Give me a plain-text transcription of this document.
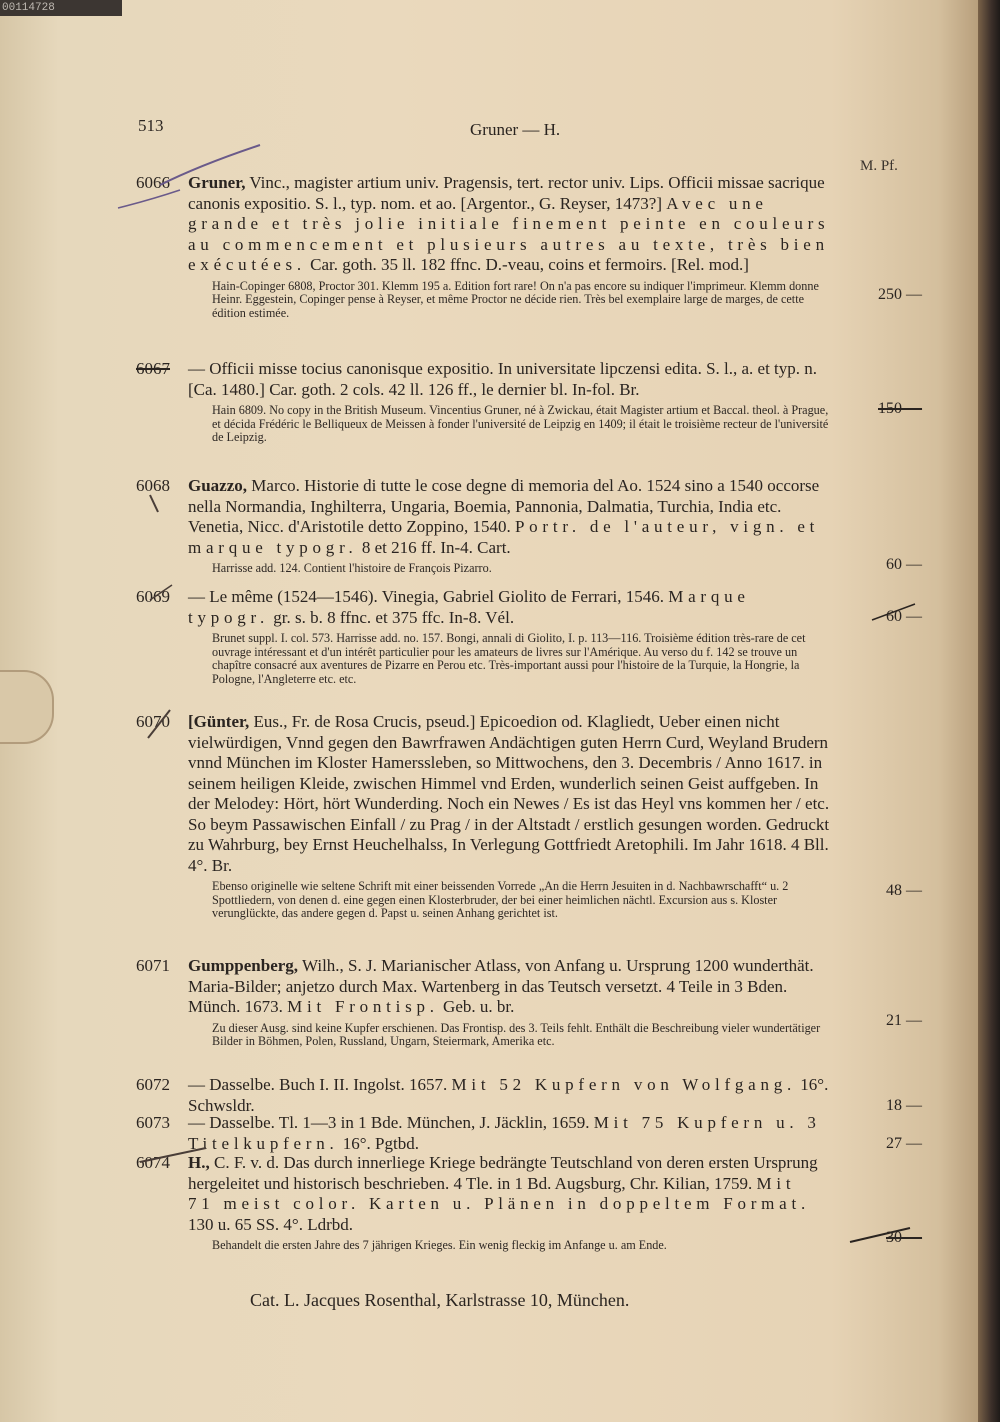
00114728
513	Gruner — H.
M. Pf.
6066 Gruner, Vinc., magister artium univ. Pragensis, tert. rector univ. Lips. Officii missae sacrique canonis expositio. S. l., typ. nom. et ao. [Argentor., G. Reyser, 1473?] Avec une grande et très jolie initiale finement peinte en couleurs au commencement et plusieurs autres au texte, très bien exécutées. Car. goth. 35 ll. 182 ffnc. D.-veau, coins et fermoirs. [Rel. mod.]
Hain-Copinger 6808, Proctor 301. Klemm 195 a. Edition fort rare! On n'a pas encore su indiquer l'imprimeur. Klemm donne Heinr. Eggestein, Copinger pense à Reyser, et même Proctor ne décide rien. Très bel exemplaire large de marges, de cette édition estimée.
250 —
6067 — Officii misse tocius canonisque expositio. In universitate lipczensi edita. S. l., a. et typ. n. [Ca. 1480.] Car. goth. 2 cols. 42 ll. 126 ff., le dernier bl. In-fol. Br.
Hain 6809. No copy in the British Museum. Vincentius Gruner, né à Zwickau, était Magister artium et Baccal. theol. à Prague, et décida Frédéric le Belliqueux de Meissen à fonder l'université de Leipzig en 1409; il était le troisième recteur de l'université de Leipzig.
150 —
6068 Guazzo, Marco. Historie di tutte le cose degne di memoria del Ao. 1524 sino a 1540 occorse nella Normandia, Inghilterra, Ungaria, Boemia, Pannonia, Dalmatia, Turchia, India etc. Venetia, Nicc. d'Aristotile detto Zoppino, 1540. Portr. de l'auteur, vign. et marque typogr. 8 et 216 ff. In-4. Cart.
Harrisse add. 124. Contient l'histoire de François Pizarro.	60 —
6069 — Le même (1524—1546). Vinegia, Gabriel Giolito de Ferrari, 1546. Marque typogr. gr. s. b. 8 ffnc. et 375 ffc. In-8. Vél.
Brunet suppl. I. col. 573. Harrisse add. no. 157. Bongi, annali di Giolito, I. p. 113—116. Troisième édition très-rare de cet ouvrage intéressant et d'un intérêt particulier pour les amateurs de livres sur l'Amérique. Au verso du f. 142 se trouve un chapître consacré aux aventures de Pizarre en Perou etc. Très-important aussi pour l'histoire de la Turquie, la Hongrie, la Pologne, l'Angleterre etc. etc.
60 —
6070 [Günter, Eus., Fr. de Rosa Crucis, pseud.] Epicoedion od. Klagliedt, Ueber einen nicht vielwürdigen, Vnnd gegen den Bawrfrawen Andächtigen guten Herrn Curd, Weyland Brudern vnnd München im Kloster Hamerssleben, so Mittwochens, den 3. Decembris / Anno 1617. in seinem heiligen Kleide, zwischen Himmel vnd Erden, wunderlich seinen Geist auffgeben. In der Melodey: Hört, hört Wunderding. Noch ein Newes / Es ist das Heyl vns kommen her / etc. So beym Passawischen Einfall / zu Prag / in der Altstadt / erstlich gesungen worden. Gedruckt zu Wahrburg, bey Ernst Heuchelhalss, In Verlegung Gottfriedt Aretophili. Im Jahr 1618. 4 Bll. 4°. Br.
Ebenso originelle wie seltene Schrift mit einer beissenden Vorrede „An die Herrn Jesuiten in d. Nachbawrschafft“ u. 2 Spottliedern, von denen d. eine gegen einen Klosterbruder, der bei einer heimlichen nächtl. Excursion aus s. Kloster verunglückte, das andere gegen d. Papst u. seinen Anhang gerichtet ist.
48 —
6071 Gumppenberg, Wilh., S. J. Marianischer Atlass, von Anfang u. Ursprung 1200 wunderthät. Maria-Bilder; anjetzo durch Max. Wartenberg in das Teutsch versetzt. 4 Teile in 3 Bden. Münch. 1673. Mit Frontisp. Geb. u. br.
Zu dieser Ausg. sind keine Kupfer erschienen. Das Frontisp. des 3. Teils fehlt. Enthält die Beschreibung vieler wundertätiger Bilder in Böhmen, Polen, Russland, Ungarn, Steiermark, Amerika etc.
21 —
6072 — Dasselbe. Buch I. II. Ingolst. 1657. Mit 52 Kupfern von Wolfgang. 16°. Schwsldr.	18 —
6073 — Dasselbe. Tl. 1—3 in 1 Bde. München, J. Jäcklin, 1659. Mit 75 Kupfern u. 3 Titelkupfern. 16°. Pgtbd.	27 —
6074 H., C. F. v. d. Das durch innerliege Kriege bedrängte Teutschland von deren ersten Ursprung hergeleitet und historisch beschrieben. 4 Tle. in 1 Bd. Augsburg, Chr. Kilian, 1759. Mit 71 meist color. Karten u. Plänen in doppeltem Format. 130 u. 65 SS. 4°. Ldrbd.
Behandelt die ersten Jahre des 7 jährigen Krieges. Ein wenig fleckig im Anfange u. am Ende.	30 —
Cat. L. Jacques Rosenthal, Karlstrasse 10, München.
